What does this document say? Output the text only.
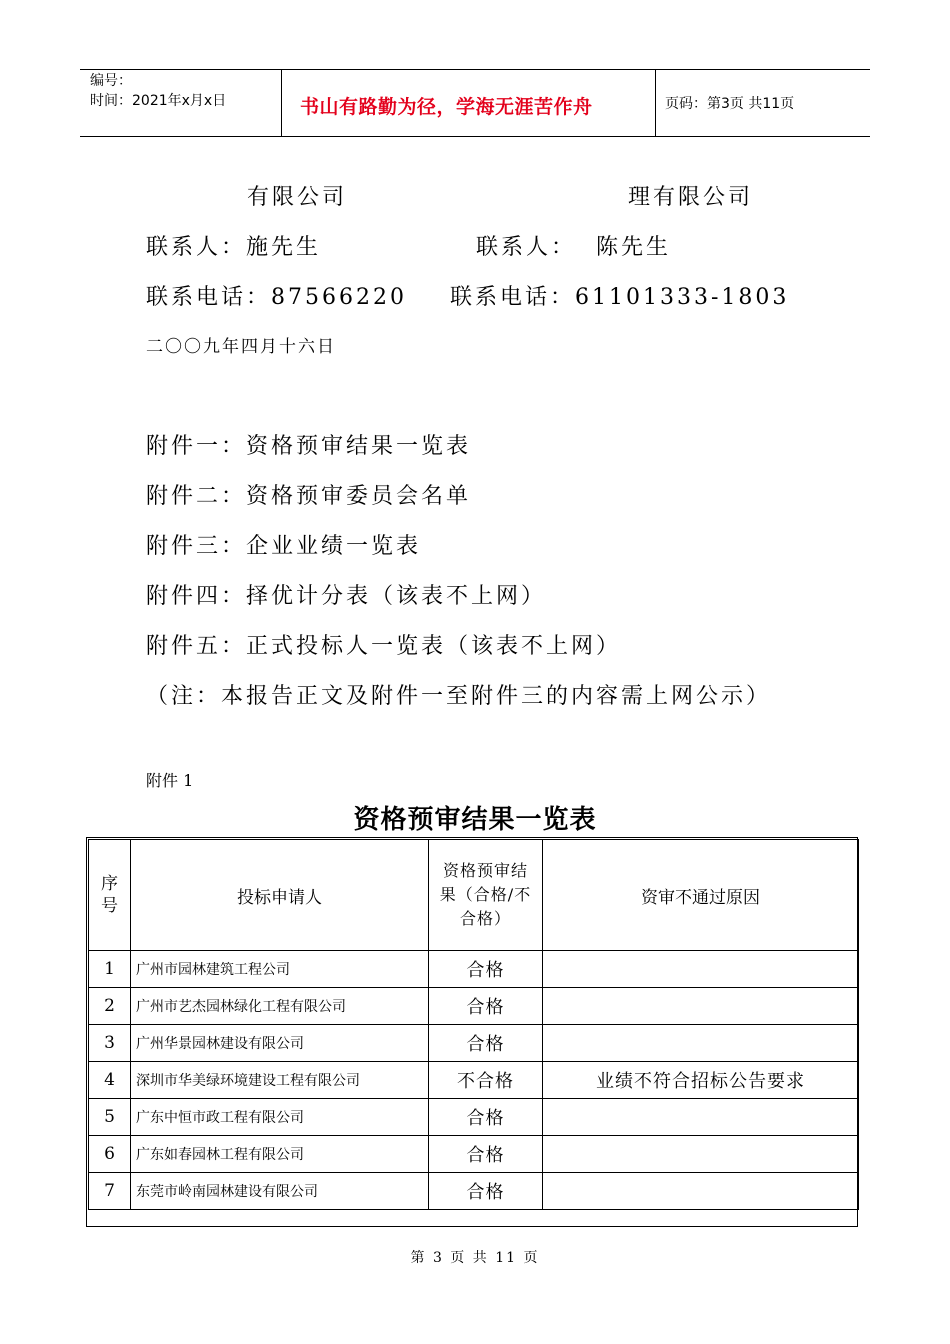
编号：
时间：2021年x月x日	书山有路勤为径，学海无涯苦作舟	页码：第3页 共11页
有限公司	理有限公司
联系人：施先生	联系人：  陈先生
联系电话：87566220 联系电话：61101333-1803
二〇〇九年四月十六日
附件一：资格预审结果一览表
附件二：资格预审委员会名单
附件三：企业业绩一览表
附件四：择优计分表（该表不上网）
附件五：正式投标人一览表（该表不上网）
（注：本报告正文及附件一至附件三的内容需上网公示）
附件 1
资格预审结果一览表
序号	投标申请人	资格预审结果（合格/不合格）	资审不通过原因
1	广州市园林建筑工程公司	合格	
2	广州市艺杰园林绿化工程有限公司	合格	
3	广州华景园林建设有限公司	合格	
4	深圳市华美绿环境建设工程有限公司	不合格	业绩不符合招标公告要求
5	广东中恒市政工程有限公司	合格	
6	广东如春园林工程有限公司	合格	
7	东莞市岭南园林建设有限公司	合格	
第 3 页 共 11 页
